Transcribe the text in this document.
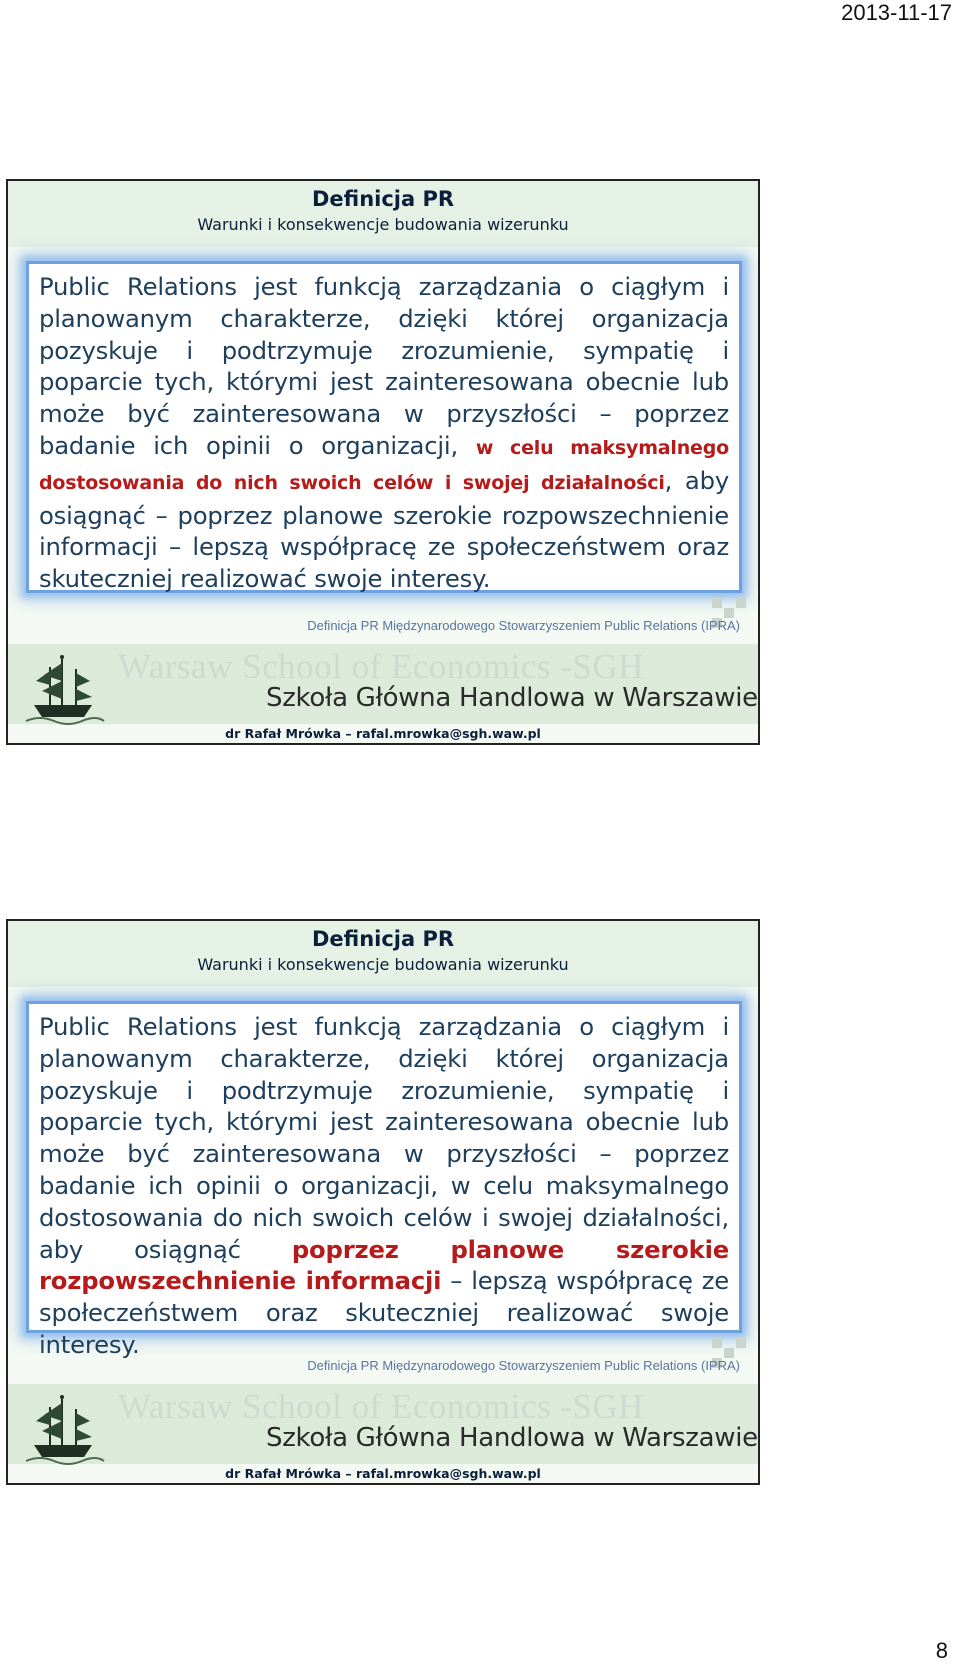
2013-11-17
Definicja PR
Warunki i konsekwencje budowania wizerunku

Public Relations jest funkcją zarządzania o ciągłym i planowanym charakterze, dzięki której organizacja pozyskuje i podtrzymuje zrozumienie, sympatię i poparcie tych, którymi jest zainteresowana obecnie lub może być zainteresowana w przyszłości – poprzez badanie ich opinii o organizacji, w celu maksymalnego dostosowania do nich swoich celów i swojej działalności, aby osiągnąć – poprzez planowe szerokie rozpowszechnienie informacji – lepszą współpracę ze społeczeństwem oraz skuteczniej realizować swoje interesy.

Definicja PR Międzynarodowego Stowarzyszeniem Public Relations (IPRA)
Warsaw School of Economics -SGH
Szkoła Główna Handlowa w Warszawie
dr Rafał Mrówka – rafal.mrowka@sgh.waw.pl
Definicja PR
Warunki i konsekwencje budowania wizerunku

Public Relations jest funkcją zarządzania o ciągłym i planowanym charakterze, dzięki której organizacja pozyskuje i podtrzymuje zrozumienie, sympatię i poparcie tych, którymi jest zainteresowana obecnie lub może być zainteresowana w przyszłości – poprzez badanie ich opinii o organizacji, w celu maksymalnego dostosowania do nich swoich celów i swojej działalności, aby osiągnąć poprzez planowe szerokie rozpowszechnienie informacji – lepszą współpracę ze społeczeństwem oraz skuteczniej realizować swoje interesy.

Definicja PR Międzynarodowego Stowarzyszeniem Public Relations (IPRA)
Warsaw School of Economics -SGH
Szkoła Główna Handlowa w Warszawie
dr Rafał Mrówka – rafal.mrowka@sgh.waw.pl
8
